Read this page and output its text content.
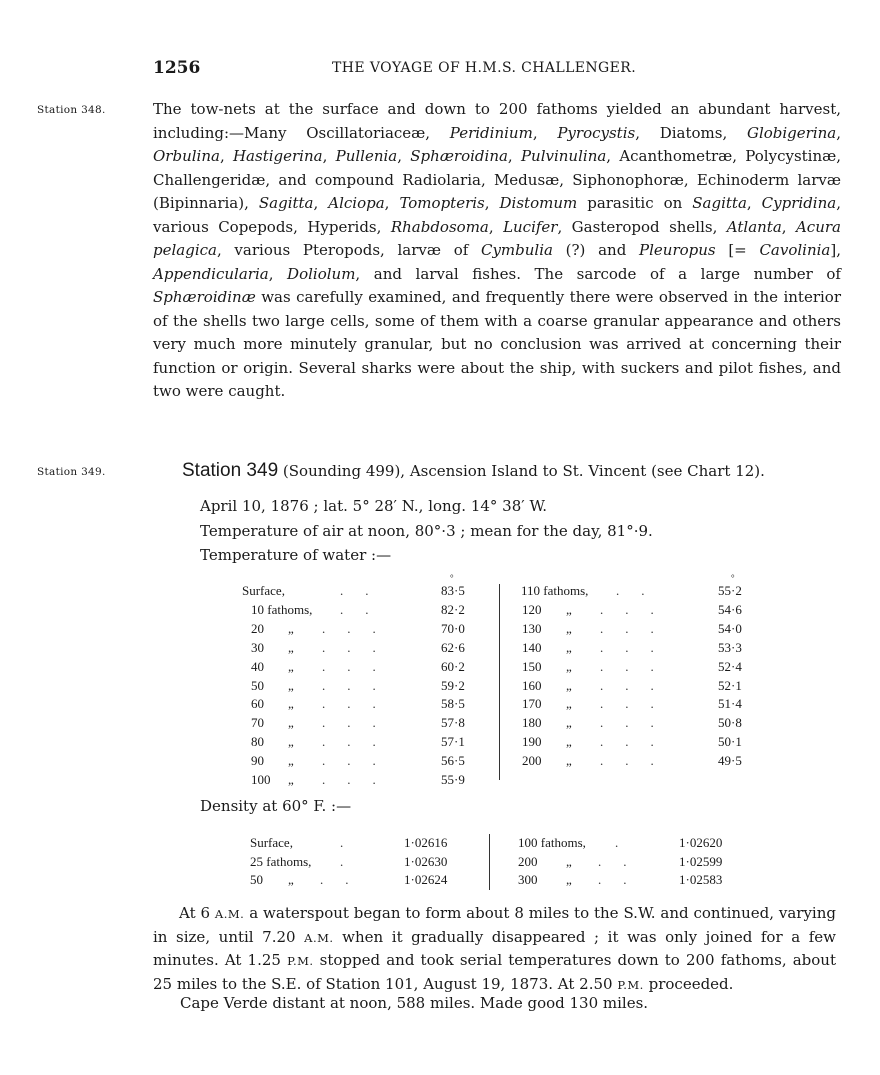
1256	THE VOYAGE OF H.M.S. CHALLENGER.
Station 348.	The tow-nets at the surface and down to 200 fathoms yielded an abundant harvest, including:—Many Oscillatoriaceæ, Peridinium, Pyrocystis, Diatoms, Globigerina, Orbulina, Hastigerina, Pullenia, Sphæroidina, Pulvinulina, Acanthometræ, Polycystinæ, Challengeridæ, and compound Radiolaria, Medusæ, Siphonophoræ, Echinoderm larvæ (Bipinnaria), Sagitta, Alciopa, Tomopteris, Distomum parasitic on Sagitta, Cypridina, various Copepods, Hyperids, Rhabdosoma, Lucifer, Gasteropod shells, Atlanta, Acura pelagica, various Pteropods, larvæ of Cymbulia (?) and Pleuropus [= Cavolinia], Appendicularia, Doliolum, and larval fishes. The sarcode of a large number of Sphæroidinæ was carefully examined, and frequently there were observed in the interior of the shells two large cells, some of them with a coarse granular appearance and others very much more minutely granular, but no conclusion was arrived at concerning their function or origin. Several sharks were about the ship, with suckers and pilot fishes, and two were caught.

Station 349.	Station 349 (Sounding 499), Ascension Island to St. Vincent (see Chart 12).
April 10, 1876 ; lat. 5° 28′ N., long. 14° 38′ W.
Temperature of air at noon, 80°·3 ; mean for the day, 81°·9.
Temperature of water :—
°	°
Surface,	..	83·5
10 fathoms, ..	82·2
20 „ ...	70·0
30 „ ...	62·6
40 „ ...	60·2
50 „ ...	59·2
60 „ ...	58·5
70 „ ...	57·8
80 „ ...	57·1
90 „ ...	56·5
100 „ ...	55·9
110 fathoms, ..	55·2
120 „ ...	54·6
130 „ ...	54·0
140 „ ...	53·3
150 „ ...	52·4
160 „ ...	52·1
170 „ ...	51·4
180 „ ...	50·8
190 „ ...	50·1
200 „ ...	49·5
Density at 60° F. :—
Surface,	.	1·02616
25 fathoms, .	1·02630
50 „ ..	1·02624
100 fathoms, .	1·02620
200 „ .. 1·02599
300 „ .. 1·02583

At 6 A.M. a waterspout began to form about 8 miles to the S.W. and continued, varying in size, until 7.20 A.M. when it gradually disappeared ; it was only joined for a few minutes. At 1.25 P.M. stopped and took serial temperatures down to 200 fathoms, about 25 miles to the S.E. of Station 101, August 19, 1873. At 2.50 P.M. proceeded.

Cape Verde distant at noon, 588 miles. Made good 130 miles.
